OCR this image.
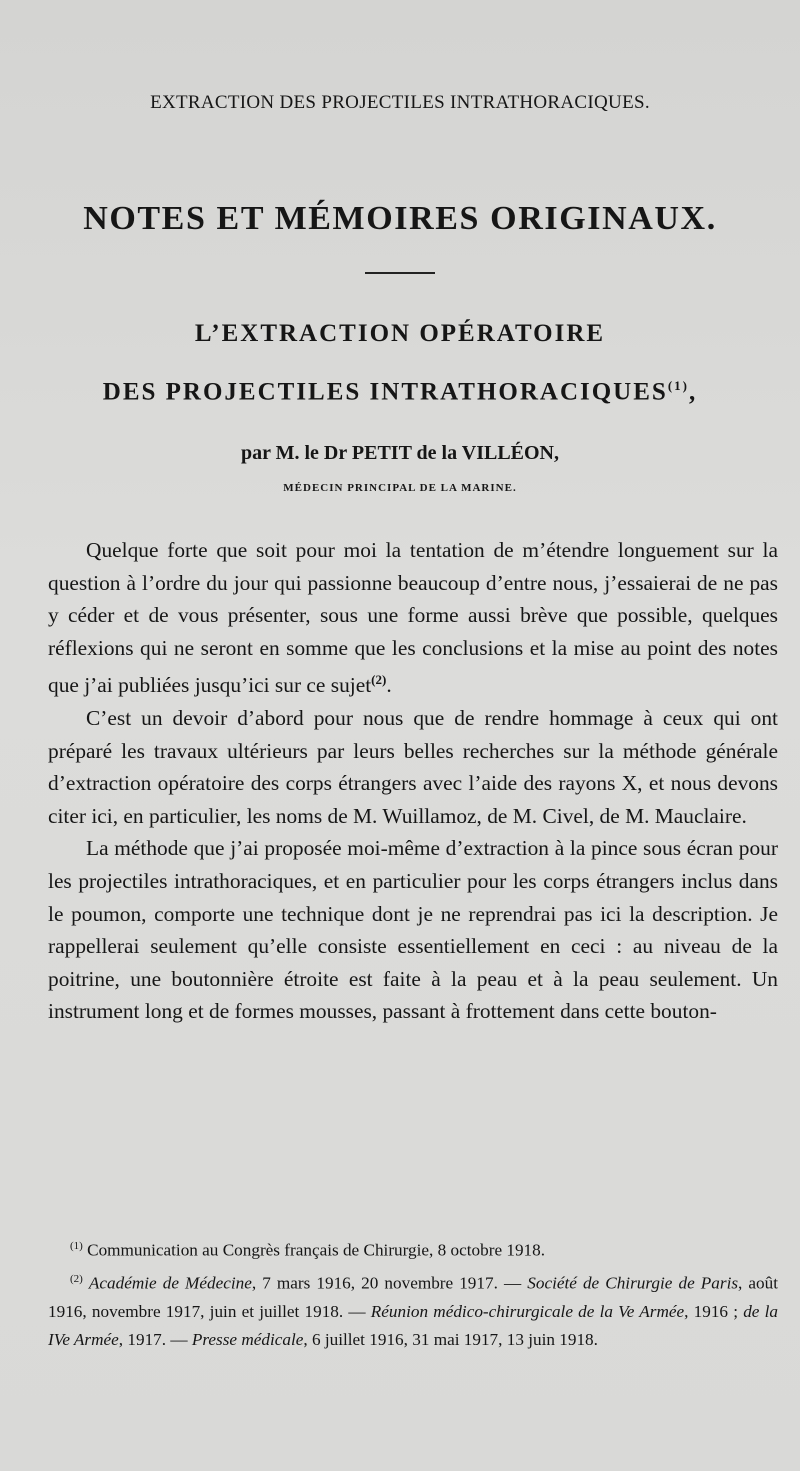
EXTRACTION DES PROJECTILES INTRATHORACIQUES.
NOTES ET MÉMOIRES ORIGINAUX.
L’EXTRACTION OPÉRATOIRE
DES PROJECTILES INTRATHORACIQUES$^{(1)}$,
par M. le Dr PETIT de la VILLÉON,
MÉDECIN PRINCIPAL DE LA MARINE.

Quelque forte que soit pour moi la tentation de m’étendre longuement sur la question à l’ordre du jour qui passionne beaucoup d’entre nous, j’essaierai de ne pas y céder et de vous présenter, sous une forme aussi brève que possible, quelques réflexions qui ne seront en somme que les conclusions et la mise au point des notes que j’ai publiées jusqu’ici sur ce sujet$^{(2)}$.

C’est un devoir d’abord pour nous que de rendre hommage à ceux qui ont préparé les travaux ultérieurs par leurs belles recherches sur la méthode générale d’extraction opératoire des corps étrangers avec l’aide des rayons X, et nous devons citer ici, en particulier, les noms de M. Wuillamoz, de M. Civel, de M. Mauclaire.

La méthode que j’ai proposée moi-même d’extraction à la pince sous écran pour les projectiles intrathoraciques, et en particulier pour les corps étrangers inclus dans le poumon, comporte une technique dont je ne reprendrai pas ici la description. Je rappellerai seulement qu’elle consiste essentiellement en ceci : au niveau de la poitrine, une boutonnière étroite est faite à la peau et à la peau seulement. Un instrument long et de formes mousses, passant à frottement dans cette bouton-

$^{(1)}$ Communication au Congrès français de Chirurgie, 8 octobre 1918.

$^{(2)}$ Académie de Médecine, 7 mars 1916, 20 novembre 1917. — Société de Chirurgie de Paris, août 1916, novembre 1917, juin et juillet 1918. — Réunion médico-chirurgicale de la Ve Armée, 1916 ; de la IVe Armée, 1917. — Presse médicale, 6 juillet 1916, 31 mai 1917, 13 juin 1918.
